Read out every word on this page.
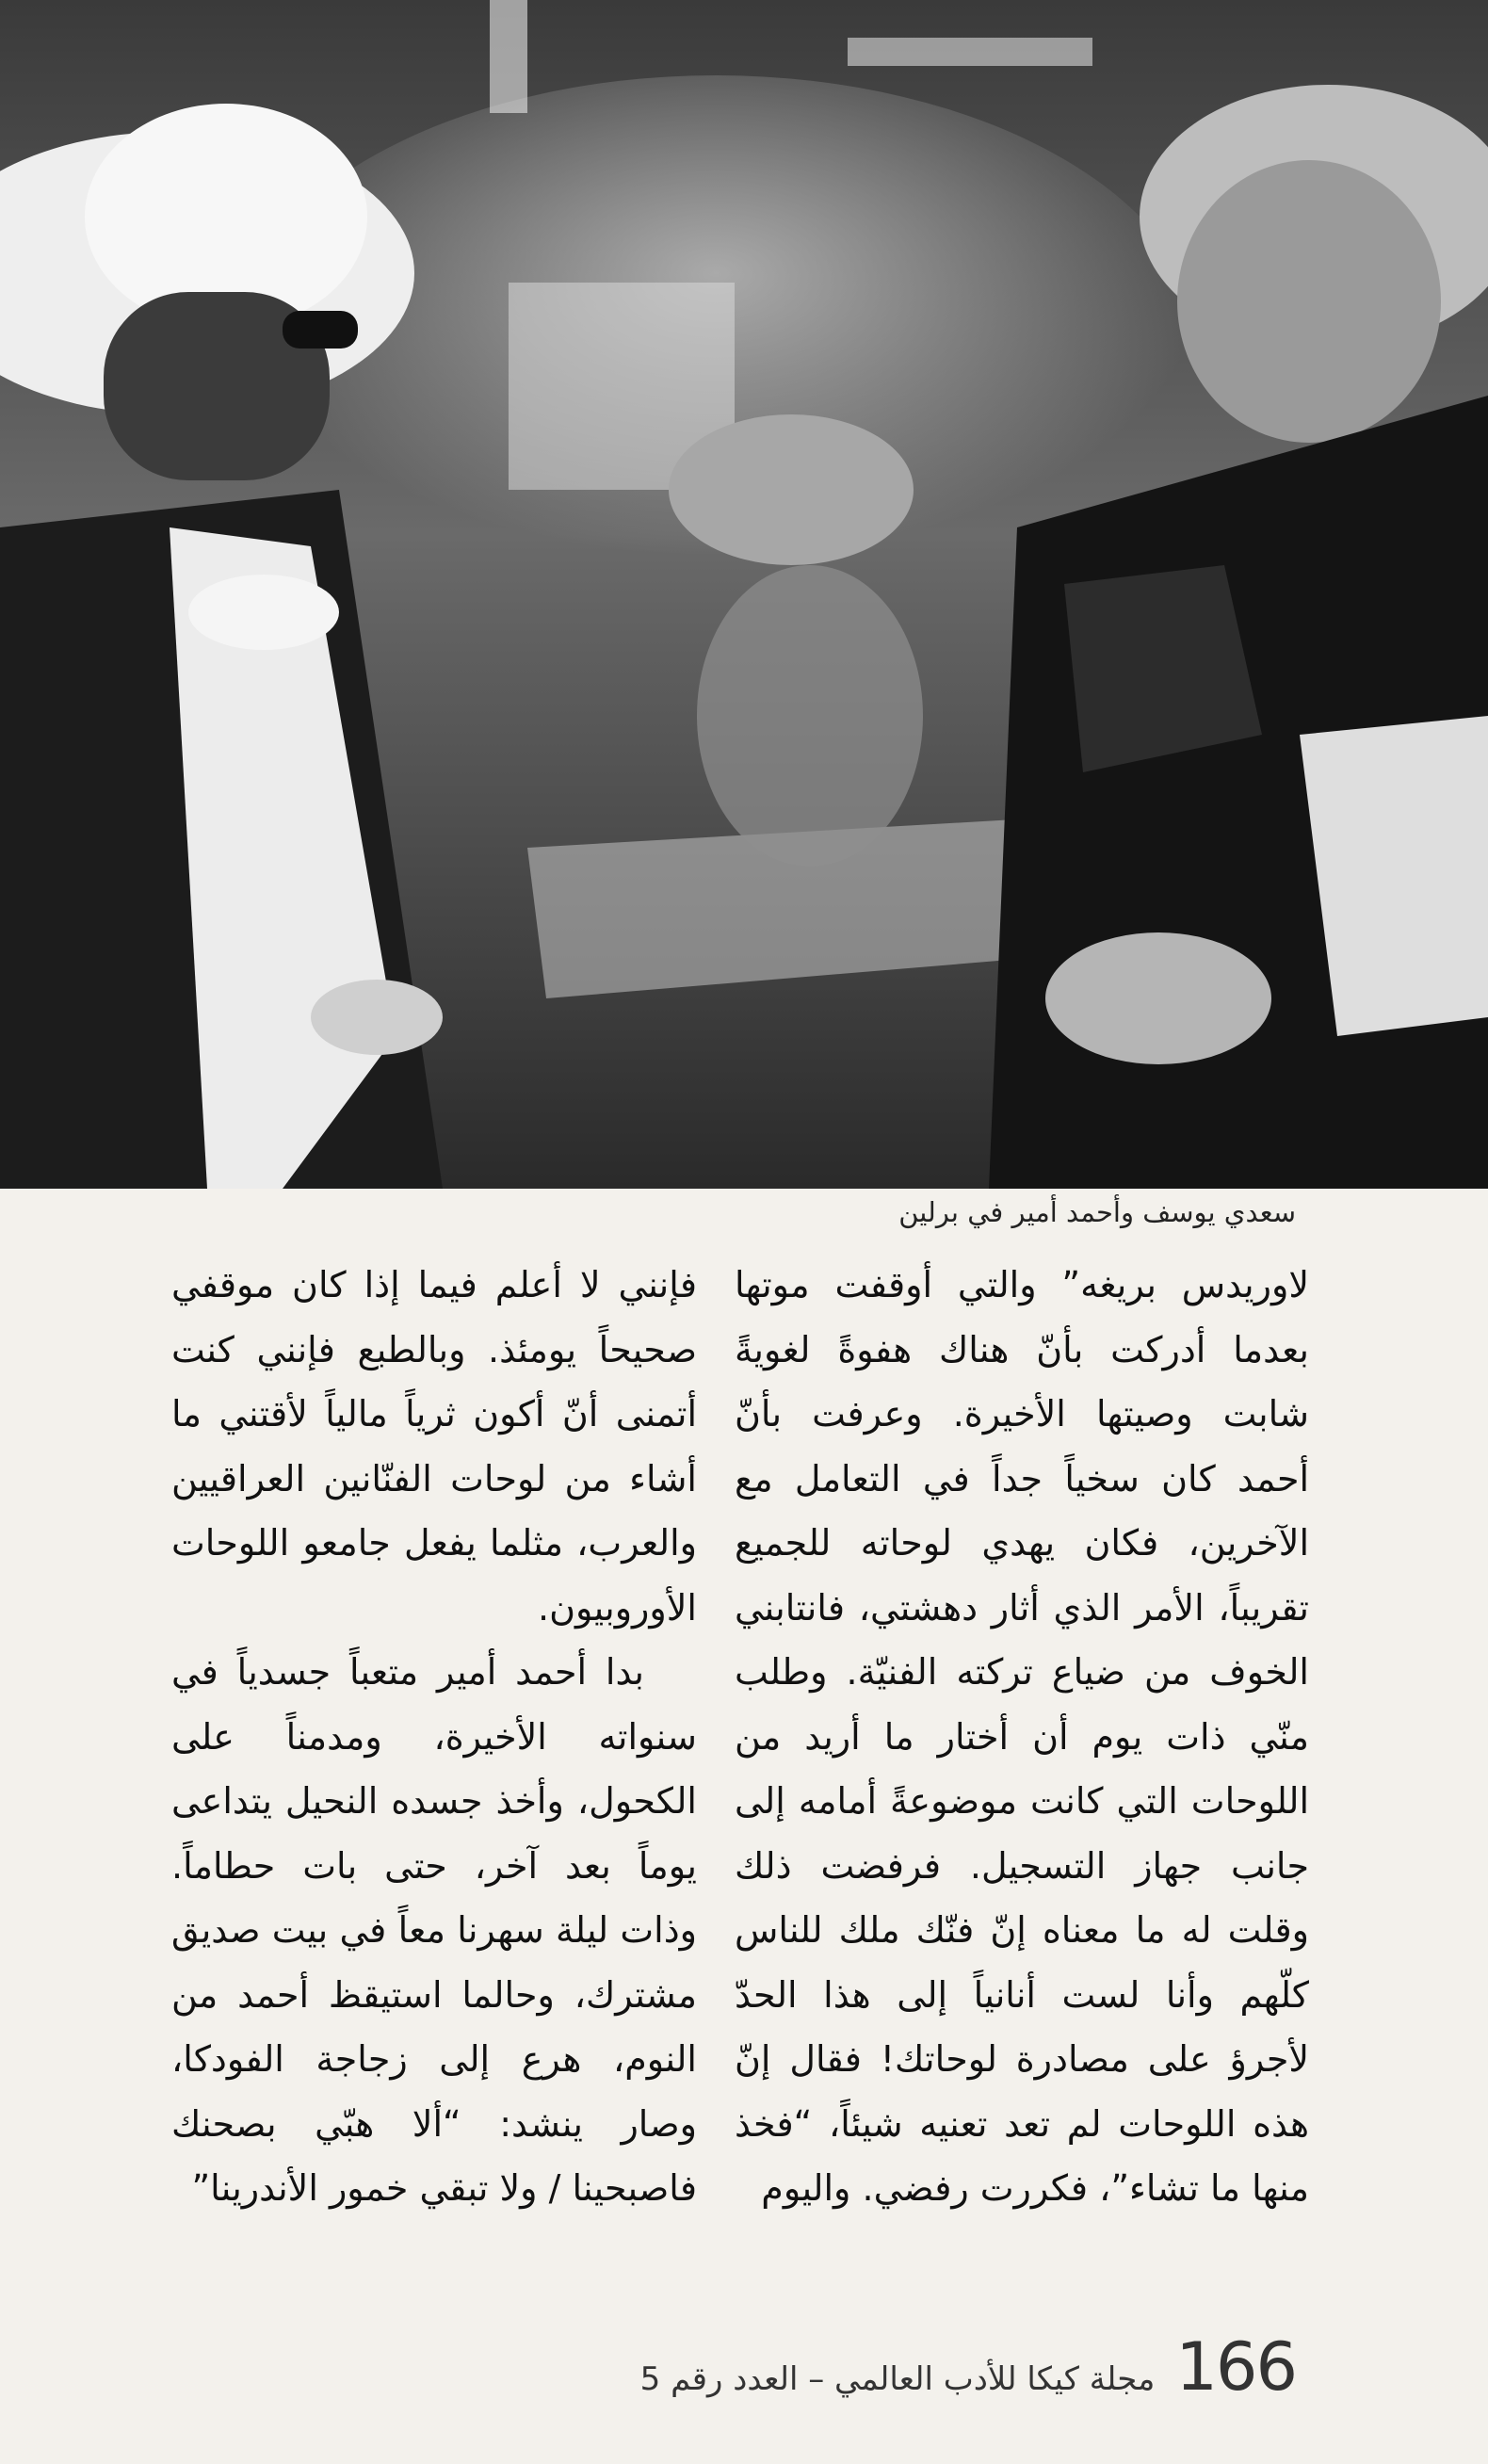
سعدي يوسف وأحمد أمير في برلين

لاوريدس بريغه” والتي أوقفت موتها بعدما أدركت بأنّ هناك هفوةً لغويةً شابت وصيتها الأخيرة. وعرفت بأنّ أحمد كان سخياً جداً في التعامل مع الآخرين، فكان يهدي لوحاته للجميع تقريباً، الأمر الذي أثار دهشتي، فانتابني الخوف من ضياع تركته الفنيّة. وطلب منّي ذات يوم أن أختار ما أريد من اللوحات التي كانت موضوعةً أمامه إلى جانب جهاز التسجيل. فرفضت ذلك وقلت له ما معناه إنّ فنّك ملك للناس كلّهم وأنا لست أنانياً إلى هذا الحدّ لأجرؤ على مصادرة لوحاتك! فقال إنّ هذه اللوحات لم تعد تعنيه شيئاً، “فخذ منها ما تشاء”، فكررت رفضي. واليوم

فإنني لا أعلم فيما إذا كان موقفي صحيحاً يومئذ. وبالطبع فإنني كنت أتمنى أنّ أكون ثرياً مالياً لأقتني ما أشاء من لوحات الفنّانين العراقيين والعرب، مثلما يفعل جامعو اللوحات الأوروبيون.

بدا أحمد أمير متعباً جسدياً في سنواته الأخيرة، ومدمناً على الكحول، وأخذ جسده النحيل يتداعى يوماً بعد آخر، حتى بات حطاماً. وذات ليلة سهرنا معاً في بيت صديق مشترك، وحالما استيقظ أحمد من النوم، هرع إلى زجاجة الفودكا، وصار ينشد: “ألا هبّي بصحنك فاصبحينا / ولا تبقي خمور الأندرينا”

166
مجلة كيكا للأدب العالمي – العدد رقم 5
